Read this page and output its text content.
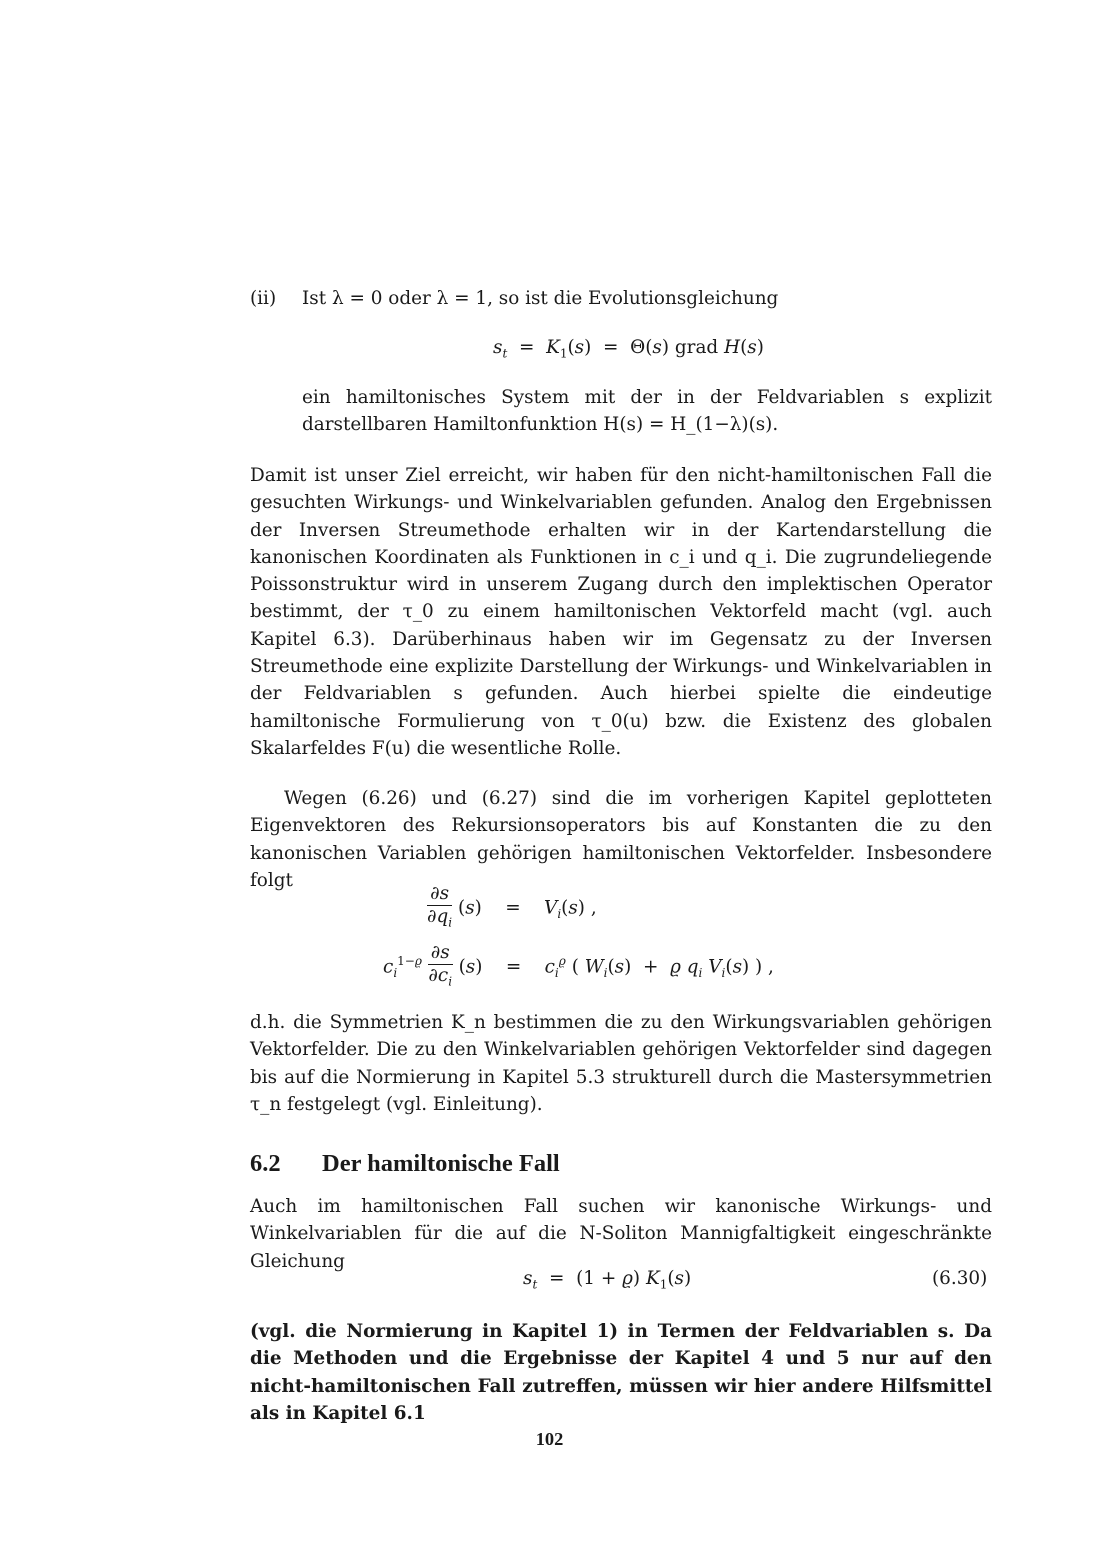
(ii) Ist λ = 0 oder λ = 1, so ist die Evolutionsgleichung
$s_t = K_1(s) = \Theta(s)$ grad H(s)

ein hamiltonisches System mit der in der Feldvariablen s explizit darstellbaren Hamiltonfunktion H(s) = H_(1−λ)(s).

Damit ist unser Ziel erreicht, wir haben für den nicht-hamiltonischen Fall die gesuchten Wirkungs- und Winkelvariablen gefunden. Analog den Ergebnissen der Inversen Streumethode erhalten wir in der Kartendarstellung die kanonischen Koordinaten als Funktionen in c_i und q_i. Die zugrundeliegende Poissonstruktur wird in unserem Zugang durch den implektischen Operator bestimmt, der τ_0 zu einem hamiltonischen Vektorfeld macht (vgl. auch Kapitel 6.3). Darüberhinaus haben wir im Gegensatz zu der Inversen Streumethode eine explizite Darstellung der Wirkungs- und Winkelvariablen in der Feldvariablen s gefunden. Auch hierbei spielte die eindeutige hamiltonische Formulierung von τ_0(u) bzw. die Existenz des globalen Skalarfeldes F(u) die wesentliche Rolle.

Wegen (6.26) und (6.27) sind die im vorherigen Kapitel geplotteten Eigenvektoren des Rekursionsoperators bis auf Konstanten die zu den kanonischen Variablen gehörigen hamiltonischen Vektorfelder. Insbesondere folgt

$\frac{\partial s}{\partial q_i} (s)$ =    $V_i(s)$ ,
$c_i^{1-ϱ} \frac{\partial s}{\partial c_i} (s)$ =    $c_i^ϱ$ ( $W_i(s) + ϱ$ $q_i$ $V_i(s)$ ) ,

d.h. die Symmetrien K_n bestimmen die zu den Wirkungsvariablen gehörigen Vektorfelder. Die zu den Winkelvariablen gehörigen Vektorfelder sind dagegen bis auf die Normierung in Kapitel 5.3 strukturell durch die Mastersymmetrien τ_n festgelegt (vgl. Einleitung).

6.2 Der hamiltonische Fall

Auch im hamiltonischen Fall suchen wir kanonische Wirkungs- und Winkelvariablen für die auf die N-Soliton Mannigfaltigkeit eingeschränkte Gleichung

$s_t = (1 + ϱ)$ $K_1(s)$	(6.30)

(vgl. die Normierung in Kapitel 1) in Termen der Feldvariablen s. Da die Methoden und die Ergebnisse der Kapitel 4 und 5 nur auf den nicht-hamiltonischen Fall zutreffen, müssen wir hier andere Hilfsmittel als in Kapitel 6.1

102
